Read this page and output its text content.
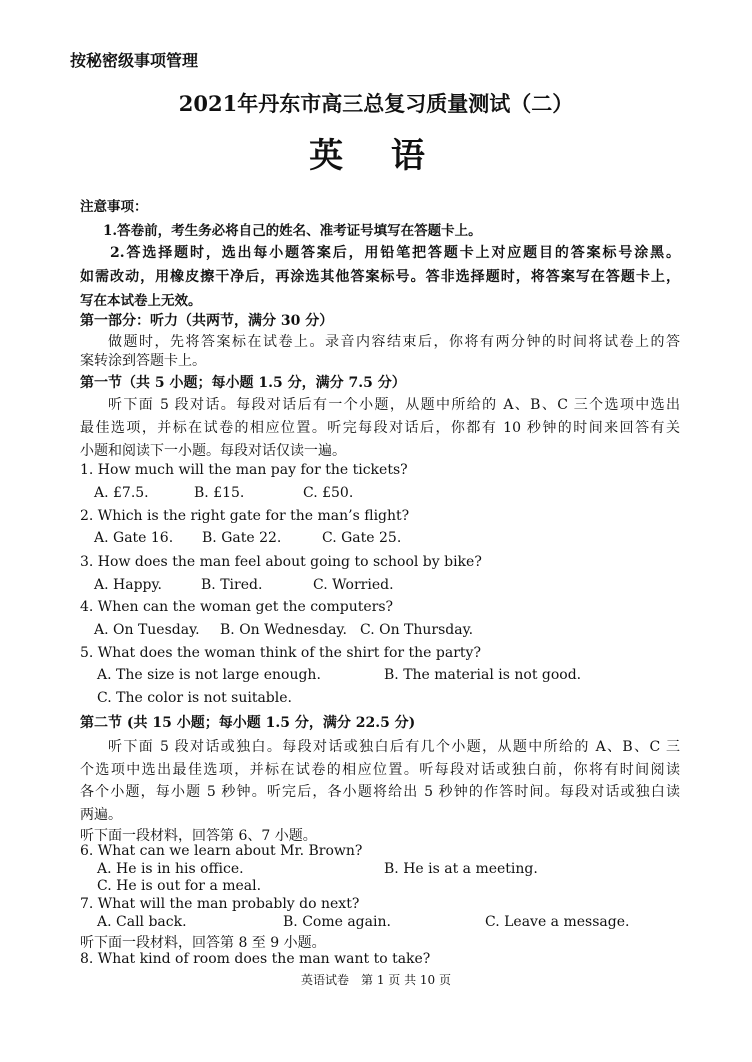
按秘密级事项管理
2021年丹东市高三总复习质量测试（二）
英 语
注意事项：
1.答卷前，考生务必将自己的姓名、准考证号填写在答题卡上。
2.答选择题时，选出每小题答案后，用铅笔把答题卡上对应题目的答案标号涂黑。
如需改动，用橡皮擦干净后，再涂选其他答案标号。答非选择题时，将答案写在答题卡上，
写在本试卷上无效。
第一部分：听力（共两节，满分 30 分）
做题时，先将答案标在试卷上。录音内容结束后，你将有两分钟的时间将试卷上的答
案转涂到答题卡上。
第一节（共 5 小题；每小题 1.5 分，满分 7.5 分）
听下面 5 段对话。每段对话后有一个小题，从题中所给的 A、B、C 三个选项中选出
最佳选项，并标在试卷的相应位置。听完每段对话后，你都有 10 秒钟的时间来回答有关
小题和阅读下一小题。每段对话仅读一遍。
1. How much will the man pay for the tickets?
A. £7.5.	B. £15.	C. £50.
2. Which is the right gate for the man’s flight?
A. Gate 16. B. Gate 22.	C. Gate 25.
3. How does the man feel about going to school by bike?
A. Happy.	B. Tired.	C. Worried.
4. When can the woman get the computers?
A. On Tuesday. B. On Wednesday. C. On Thursday.
5. What does the woman think of the shirt for the party?
A. The size is not large enough.	B. The material is not good.
C. The color is not suitable.
第二节 (共 15 小题；每小题 1.5 分，满分 22.5 分)
听下面 5 段对话或独白。每段对话或独白后有几个小题，从题中所给的 A、B、C 三
个选项中选出最佳选项，并标在试卷的相应位置。听每段对话或独白前，你将有时间阅读
各个小题，每小题 5 秒钟。听完后，各小题将给出 5 秒钟的作答时间。每段对话或独白读
两遍。
听下面一段材料，回答第 6、7 小题。
6. What can we learn about Mr. Brown?
A. He is in his office.	B. He is at a meeting.
C. He is out for a meal.
7. What will the man probably do next?
A. Call back.	B. Come again.	C. Leave a message.
听下面一段材料，回答第 8 至 9 小题。
8. What kind of room does the man want to take?
英语试卷　第 1 页 共 10 页
